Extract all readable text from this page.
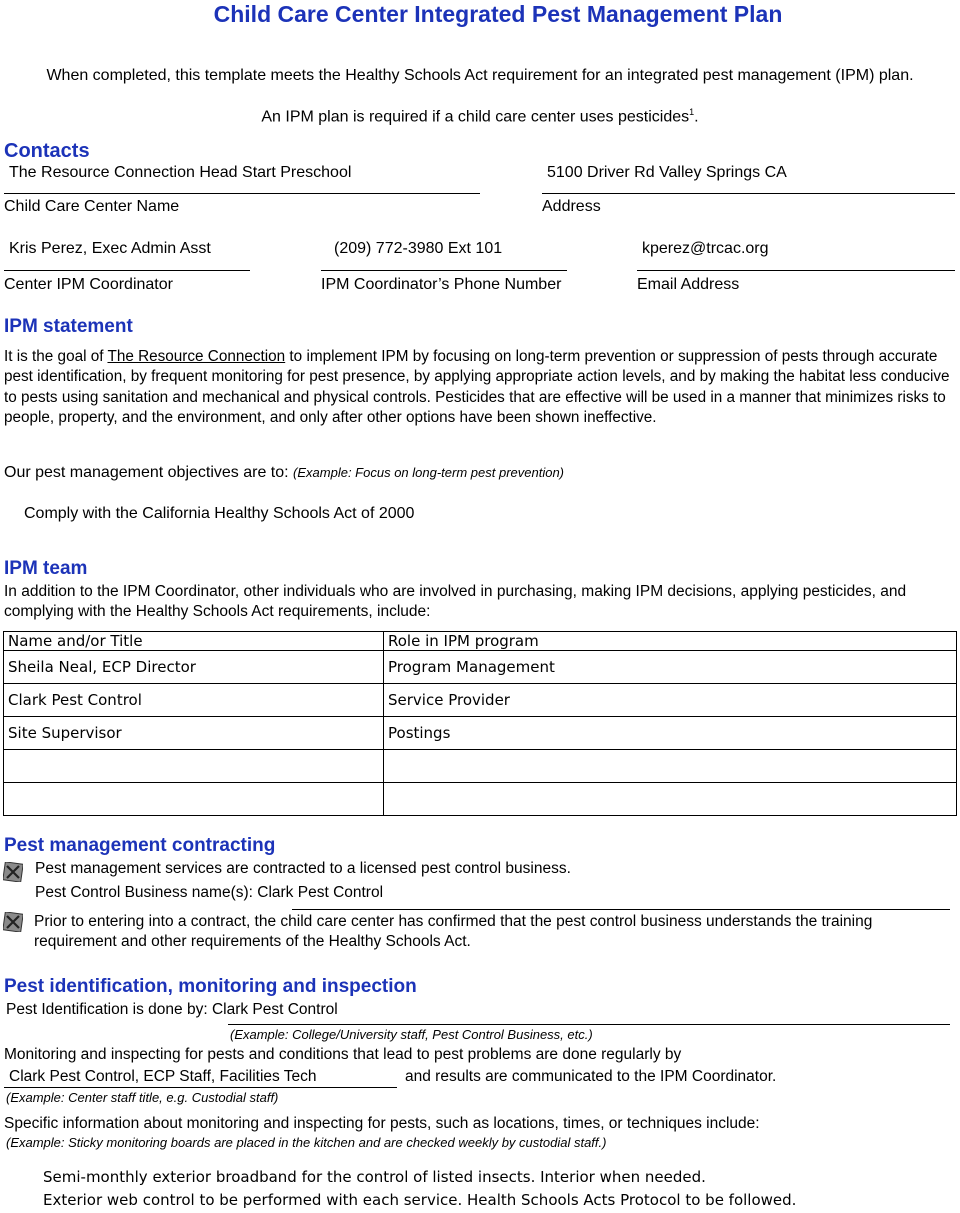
Child Care Center Integrated Pest Management Plan
When completed, this template meets the Healthy Schools Act requirement for an integrated pest management (IPM) plan.
An IPM plan is required if a child care center uses pesticides$^1$.
Contacts
The Resource Connection Head Start Preschool
Child Care Center Name
5100 Driver Rd Valley Springs CA
Address
Kris Perez, Exec Admin Asst
Center IPM Coordinator
(209) 772-3980 Ext 101
IPM Coordinator’s Phone Number
kperez@trcac.org
Email Address
IPM statement
It is the goal of The Resource Connection to implement IPM by focusing on long-term prevention or suppression of pests through accurate pest identification, by frequent monitoring for pest presence, by applying appropriate action levels, and by making the habitat less conducive to pests using sanitation and mechanical and physical controls. Pesticides that are effective will be used in a manner that minimizes risks to people, property, and the environment, and only after other options have been shown ineffective.
Our pest management objectives are to: (Example: Focus on long-term pest prevention)
Comply with the California Healthy Schools Act of 2000
IPM team
In addition to the IPM Coordinator, other individuals who are involved in purchasing, making IPM decisions, applying pesticides, and complying with the Healthy Schools Act requirements, include:
Name and/or Title	Role in IPM program
Sheila Neal, ECP Director	Program Management
Clark Pest Control	Service Provider
Site Supervisor	Postings

Pest management contracting
Pest management services are contracted to a licensed pest control business.
Pest Control Business name(s): Clark Pest Control
Prior to entering into a contract, the child care center has confirmed that the pest control business understands the training requirement and other requirements of the Healthy Schools Act.
Pest identification, monitoring and inspection
Pest Identification is done by: Clark Pest Control
(Example: College/University staff, Pest Control Business, etc.)
Monitoring and inspecting for pests and conditions that lead to pest problems are done regularly by
Clark Pest Control, ECP Staff, Facilities Tech	and results are communicated to the IPM Coordinator.
(Example: Center staff title, e.g. Custodial staff)
Specific information about monitoring and inspecting for pests, such as locations, times, or techniques include:
(Example: Sticky monitoring boards are placed in the kitchen and are checked weekly by custodial staff.)
Semi-monthly exterior broadband for the control of listed insects. Interior when needed.
Exterior web control to be performed with each service. Health Schools Acts Protocol to be followed.
